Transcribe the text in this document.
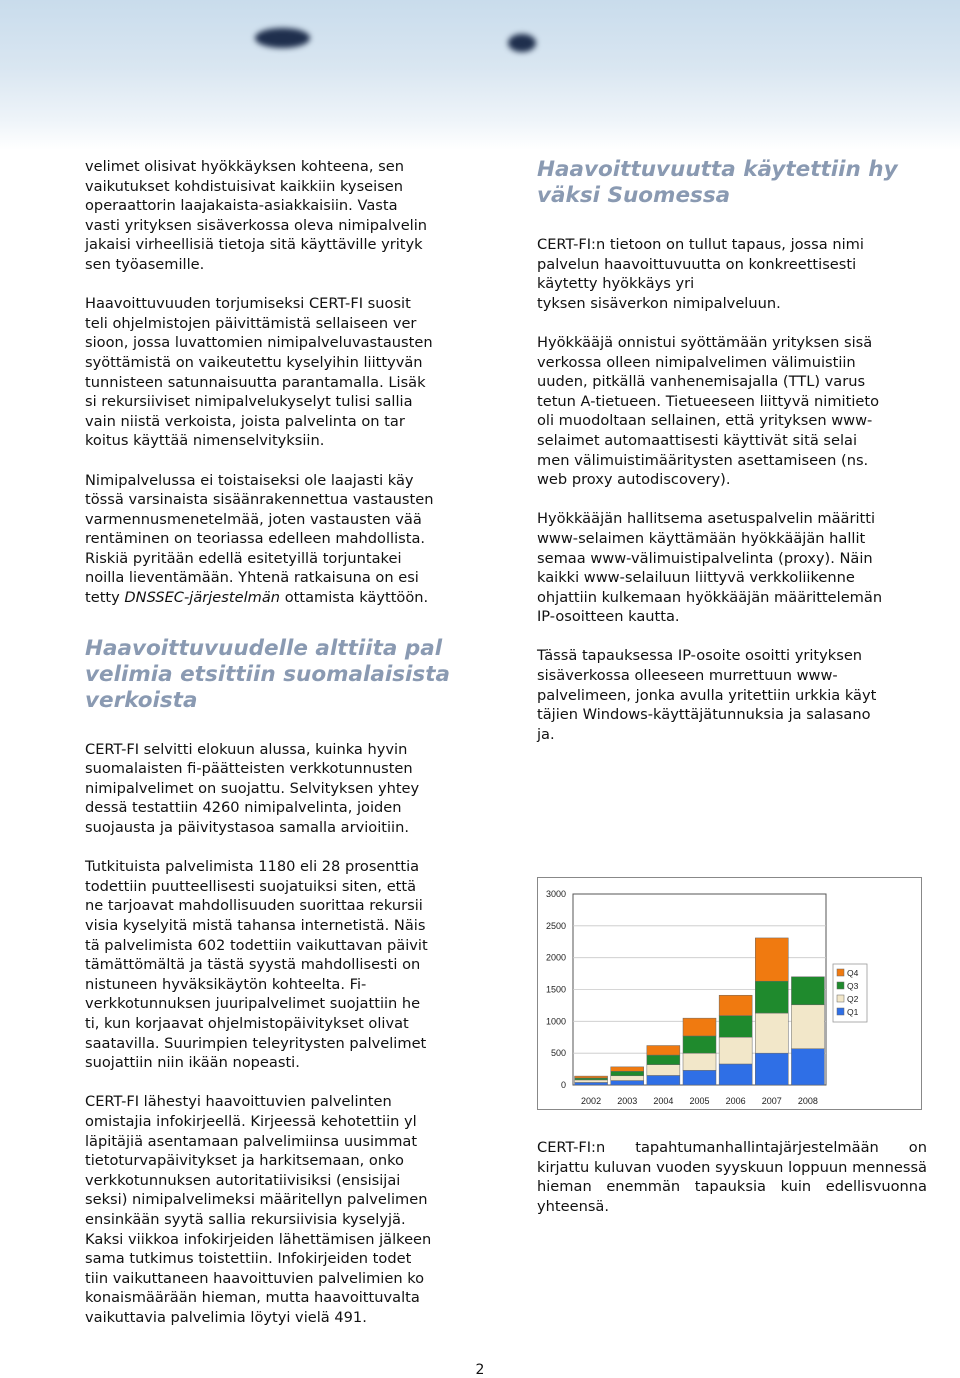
velimet olisivat hyökkäyksen kohteena, sen
vaikutukset kohdistuisivat kaikkiin kyseisen
operaattorin laajakaista-asiakkaisiin. Vasta
vasti yrityksen sisäverkossa oleva nimipalvelin
jakaisi virheellisiä tietoja sitä käyttäville yrityk
sen työasemille.

Haavoittuvuuden torjumiseksi CERT-FI suosit
teli ohjelmistojen päivittämistä sellaiseen ver
sioon, jossa luvattomien nimipalveluvastausten
syöttämistä on vaikeutettu kyselyihin liittyvän
tunnisteen satunnaisuutta parantamalla. Lisäk
si rekursiiviset nimipalvelukyselyt tulisi sallia
vain niistä verkoista, joista palvelinta on tar
koitus käyttää nimenselvityksiin.

Nimipalvelussa ei toistaiseksi ole laajasti käy
tössä varsinaista sisäänrakennettua vastausten
varmennusmenetelmää, joten vastausten vää
rentäminen on teoriassa edelleen mahdollista.
Riskiä pyritään edellä esitetyillä torjuntakei
noilla lieventämään. Yhtenä ratkaisuna on esi
tetty DNSSEC-järjestelmän ottamista käyttöön.

Haavoittuvuudelle alttiita pal
velimia etsittiin suomalaisista
verkoista

CERT-FI selvitti elokuun alussa, kuinka hyvin
suomalaisten fi-päätteisten verkkotunnusten
nimipalvelimet on suojattu. Selvityksen yhtey
dessä testattiin 4260 nimipalvelinta, joiden
suojausta ja päivitystasoa samalla arvioitiin.

Tutkituista palvelimista 1180 eli 28 prosenttia
todettiin puutteellisesti suojatuiksi siten, että
ne tarjoavat mahdollisuuden suorittaa rekursii
visia kyselyitä mistä tahansa internetistä. Näis
tä palvelimista 602 todettiin vaikuttavan päivit
tämättömältä ja tästä syystä mahdollisesti on
nistuneen hyväksikäytön kohteelta. Fi-
verkkotunnuksen juuripalvelimet suojattiin he
ti, kun korjaavat ohjelmistopäivitykset olivat
saatavilla. Suurimpien teleyritysten palvelimet
suojattiin niin ikään nopeasti.

CERT-FI lähestyi haavoittuvien palvelinten
omistajia infokirjeellä. Kirjeessä kehotettiin yl
läpitäjiä asentamaan palvelimiinsa uusimmat
tietoturvapäivitykset ja harkitsemaan, onko
verkkotunnuksen autoritatiivisiksi (ensisijai
seksi) nimipalvelimeksi määritellyn palvelimen
ensinkään syytä sallia rekursiivisia kyselyjä.
Kaksi viikkoa infokirjeiden lähettämisen jälkeen
sama tutkimus toistettiin. Infokirjeiden todet
tiin vaikuttaneen haavoittuvien palvelimien ko
konaismäärään hieman, mutta haavoittuvalta
vaikuttavia palvelimia löytyi vielä 491.

Haavoittuvuutta käytettiin hy
väksi Suomessa

CERT-FI:n tietoon on tullut tapaus, jossa nimi
palvelun haavoittuvuutta on konkreettisesti
käytetty hyökkäys yri
tyksen sisäverkon nimipalveluun.

Hyökkääjä onnistui syöttämään yrityksen sisä
verkossa olleen nimipalvelimen välimuistiin
uuden, pitkällä vanhenemisajalla (TTL) varus
tetun A-tietueen. Tietueeseen liittyvä nimitieto
oli muodoltaan sellainen, että yrityksen www-
selaimet automaattisesti käyttivät sitä selai
men välimuistimääritysten asettamiseen (ns.
web proxy autodiscovery).

Hyökkääjän hallitsema asetuspalvelin määritti
www-selaimen käyttämään hyökkääjän hallit
semaa www-välimuistipalvelinta (proxy). Näin
kaikki www-selailuun liittyvä verkkoliikenne
ohjattiin kulkemaan hyökkääjän määrittelemän
IP-osoitteen kautta.

Tässä tapauksessa IP-osoite osoitti yrityksen
sisäverkossa olleeseen murrettuun www-
palvelimeen, jonka avulla yritettiin urkkia käyt
täjien Windows-käyttäjätunnuksia ja salasano
ja.

0
500
1000
1500
2000
2500
3000
2002 2003 2004 2005 2006 2007 2008
Q4
Q3
Q2
Q1

CERT-FI:n tapahtumanhallintajärjestelmään on kirjattu kuluvan vuoden syyskuun loppuun mennessä hieman enemmän tapauksia kuin edellisvuonna yhteensä.

2
